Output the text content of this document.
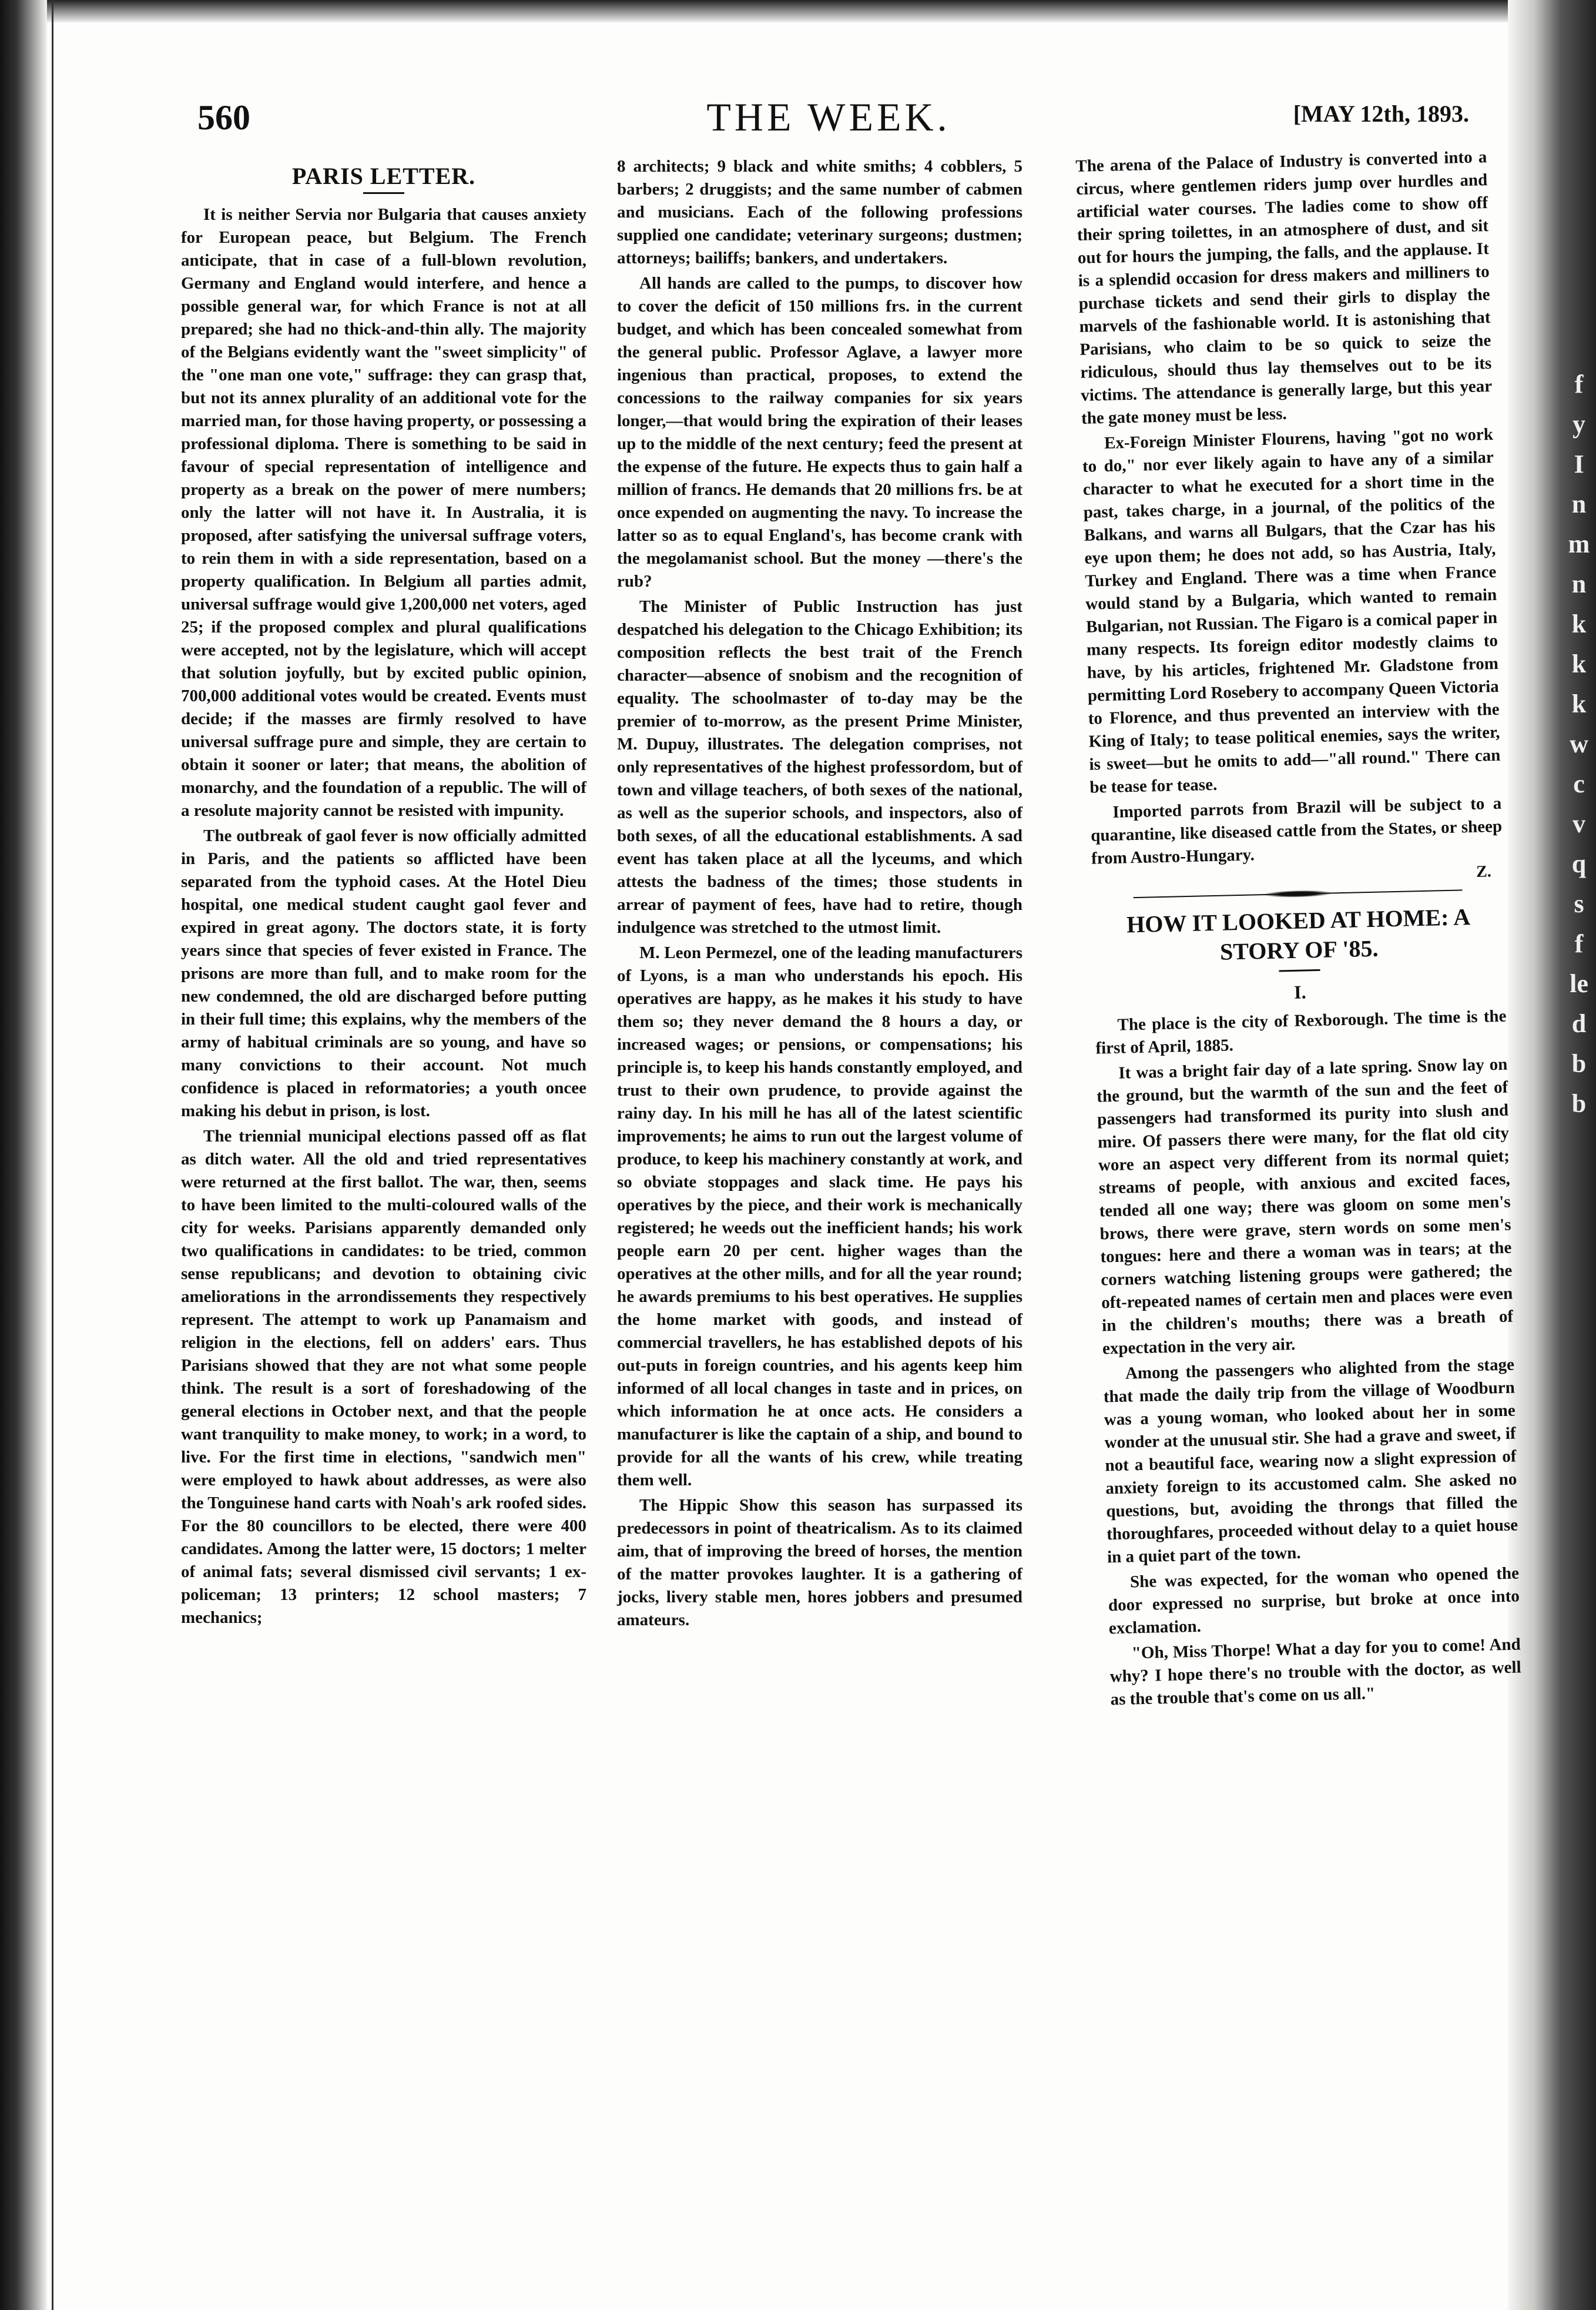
f
y
I
n
m
n
k
k
k
w
c
v
q
s
f
le
d
b
b
560	THE WEEK.	[MAY 12th, 1893.
PARIS LETTER.

It is neither Servia nor Bulgaria that causes anxiety for European peace, but Belgium. The French anticipate, that in case of a full-blown revolution, Germany and England would interfere, and hence a possible general war, for which France is not at all prepared; she had no thick-and-thin ally. The majority of the Belgians evidently want the "sweet simplicity" of the "one man one vote," suffrage: they can grasp that, but not its annex plurality of an additional vote for the married man, for those having property, or possessing a professional diploma. There is something to be said in favour of special representation of intelligence and property as a break on the power of mere numbers; only the latter will not have it. In Australia, it is proposed, after satisfying the universal suffrage voters, to rein them in with a side representation, based on a property qualification. In Belgium all parties admit, universal suffrage would give 1,200,000 net voters, aged 25; if the proposed complex and plural qualifications were accepted, not by the legislature, which will accept that solution joyfully, but by excited public opinion, 700,000 additional votes would be created. Events must decide; if the masses are firmly resolved to have universal suffrage pure and simple, they are certain to obtain it sooner or later; that means, the abolition of monarchy, and the foundation of a republic. The will of a resolute majority cannot be resisted with impunity.

The outbreak of gaol fever is now officially admitted in Paris, and the patients so afflicted have been separated from the typhoid cases. At the Hotel Dieu hospital, one medical student caught gaol fever and expired in great agony. The doctors state, it is forty years since that species of fever existed in France. The prisons are more than full, and to make room for the new condemned, the old are discharged before putting in their full time; this explains, why the members of the army of habitual criminals are so young, and have so many convictions to their account. Not much confidence is placed in reformatories; a youth oncee making his debut in prison, is lost.

The triennial municipal elections passed off as flat as ditch water. All the old and tried representatives were returned at the first ballot. The war, then, seems to have been limited to the multi-coloured walls of the city for weeks. Parisians apparently demanded only two qualifications in candidates: to be tried, common sense republicans; and devotion to obtaining civic ameliorations in the arrondissements they respectively represent. The attempt to work up Panamaism and religion in the elections, fell on adders' ears. Thus Parisians showed that they are not what some people think. The result is a sort of foreshadowing of the general elections in October next, and that the people want tranquility to make money, to work; in a word, to live. For the first time in elections, "sandwich men" were employed to hawk about addresses, as were also the Tonguinese hand carts with Noah's ark roofed sides. For the 80 councillors to be elected, there were 400 candidates. Among the latter were, 15 doctors; 1 melter of animal fats; several dismissed civil servants; 1 ex-policeman; 13 printers; 12 school masters; 7 mechanics;

8 architects; 9 black and white smiths; 4 cobblers, 5 barbers; 2 druggists; and the same number of cabmen and musicians. Each of the following professions supplied one candidate; veterinary surgeons; dustmen; attorneys; bailiffs; bankers, and undertakers.

All hands are called to the pumps, to discover how to cover the deficit of 150 millions frs. in the current budget, and which has been concealed somewhat from the general public. Professor Aglave, a lawyer more ingenious than practical, proposes, to extend the concessions to the railway companies for six years longer,—that would bring the expiration of their leases up to the middle of the next century; feed the present at the expense of the future. He expects thus to gain half a million of francs. He demands that 20 millions frs. be at once expended on augmenting the navy. To increase the latter so as to equal England's, has become crank with the megolamanist school. But the money —there's the rub?

The Minister of Public Instruction has just despatched his delegation to the Chicago Exhibition; its composition reflects the best trait of the French character—absence of snobism and the recognition of equality. The schoolmaster of to-day may be the premier of to-morrow, as the present Prime Minister, M. Dupuy, illustrates. The delegation comprises, not only representatives of the highest professordom, but of town and village teachers, of both sexes of the national, as well as the superior schools, and inspectors, also of both sexes, of all the educational establishments. A sad event has taken place at all the lyceums, and which attests the badness of the times; those students in arrear of payment of fees, have had to retire, though indulgence was stretched to the utmost limit.

M. Leon Permezel, one of the leading manufacturers of Lyons, is a man who understands his epoch. His operatives are happy, as he makes it his study to have them so; they never demand the 8 hours a day, or increased wages; or pensions, or compensations; his principle is, to keep his hands constantly employed, and trust to their own prudence, to provide against the rainy day. In his mill he has all of the latest scientific improvements; he aims to run out the largest volume of produce, to keep his machinery constantly at work, and so obviate stoppages and slack time. He pays his operatives by the piece, and their work is mechanically registered; he weeds out the inefficient hands; his work people earn 20 per cent. higher wages than the operatives at the other mills, and for all the year round; he awards premiums to his best operatives. He supplies the home market with goods, and instead of commercial travellers, he has established depots of his out-puts in foreign countries, and his agents keep him informed of all local changes in taste and in prices, on which information he at once acts. He considers a manufacturer is like the captain of a ship, and bound to provide for all the wants of his crew, while treating them well.

The Hippic Show this season has surpassed its predecessors in point of theatricalism. As to its claimed aim, that of improving the breed of horses, the mention of the matter provokes laughter. It is a gathering of jocks, livery stable men, hores jobbers and presumed amateurs.

The arena of the Palace of Industry is converted into a circus, where gentlemen riders jump over hurdles and artificial water courses. The ladies come to show off their spring toilettes, in an atmosphere of dust, and sit out for hours the jumping, the falls, and the applause. It is a splendid occasion for dress makers and milliners to purchase tickets and send their girls to display the marvels of the fashionable world. It is astonishing that Parisians, who claim to be so quick to seize the ridiculous, should thus lay themselves out to be its victims. The attendance is generally large, but this year the gate money must be less.

Ex-Foreign Minister Flourens, having "got no work to do," nor ever likely again to have any of a similar character to what he executed for a short time in the past, takes charge, in a journal, of the politics of the Balkans, and warns all Bulgars, that the Czar has his eye upon them; he does not add, so has Austria, Italy, Turkey and England. There was a time when France would stand by a Bulgaria, which wanted to remain Bulgarian, not Russian. The Figaro is a comical paper in many respects. Its foreign editor modestly claims to have, by his articles, frightened Mr. Gladstone from permitting Lord Rosebery to accompany Queen Victoria to Florence, and thus prevented an interview with the King of Italy; to tease political enemies, says the writer, is sweet—but he omits to add—"all round." There can be tease for tease.

Imported parrots from Brazil will be subject to a quarantine, like diseased cattle from the States, or sheep from Austro-Hungary.

Z.
HOW IT LOOKED AT HOME: A STORY OF '85.
I.

The place is the city of Rexborough. The time is the first of April, 1885.

It was a bright fair day of a late spring. Snow lay on the ground, but the warmth of the sun and the feet of passengers had transformed its purity into slush and mire. Of passers there were many, for the flat old city wore an aspect very different from its normal quiet; streams of people, with anxious and excited faces, tended all one way; there was gloom on some men's brows, there were grave, stern words on some men's tongues: here and there a woman was in tears; at the corners watching listening groups were gathered; the oft-repeated names of certain men and places were even in the children's mouths; there was a breath of expectation in the very air.

Among the passengers who alighted from the stage that made the daily trip from the village of Woodburn was a young woman, who looked about her in some wonder at the unusual stir. She had a grave and sweet, if not a beautiful face, wearing now a slight expression of anxiety foreign to its accustomed calm. She asked no questions, but, avoiding the throngs that filled the thoroughfares, proceeded without delay to a quiet house in a quiet part of the town.

She was expected, for the woman who opened the door expressed no surprise, but broke at once into exclamation.

"Oh, Miss Thorpe! What a day for you to come! And why? I hope there's no trouble with the doctor, as well as the trouble that's come on us all."
